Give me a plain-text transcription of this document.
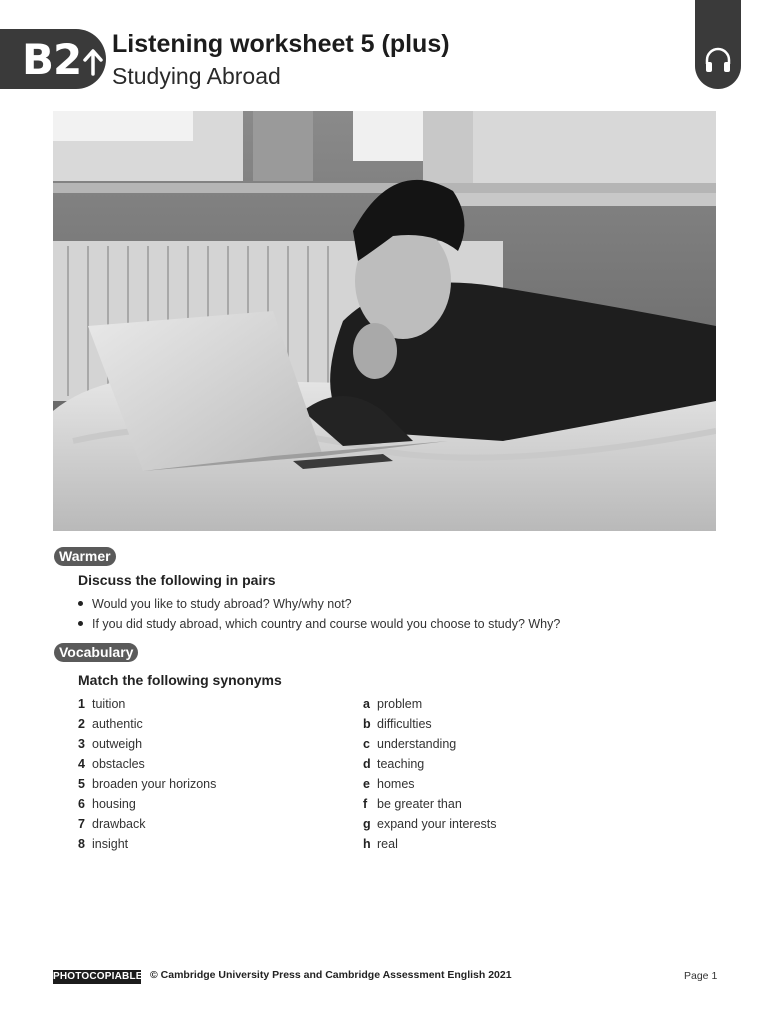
B2 Listening worksheet 5 (plus)
Studying Abroad
Warmer
Discuss the following in pairs
Would you like to study abroad? Why/why not?
If you did study abroad, which country and course would you choose to study? Why?
Vocabulary
Match the following synonyms
1 tuition
2 authentic
3 outweigh
4 obstacles
5 broaden your horizons
6 housing
7 drawback
8 insight
a problem
b difficulties
c understanding
d teaching
e homes
f be greater than
g expand your interests
h real
PHOTOCOPIABLE © Cambridge University Press and Cambridge Assessment English 2021	Page 1
